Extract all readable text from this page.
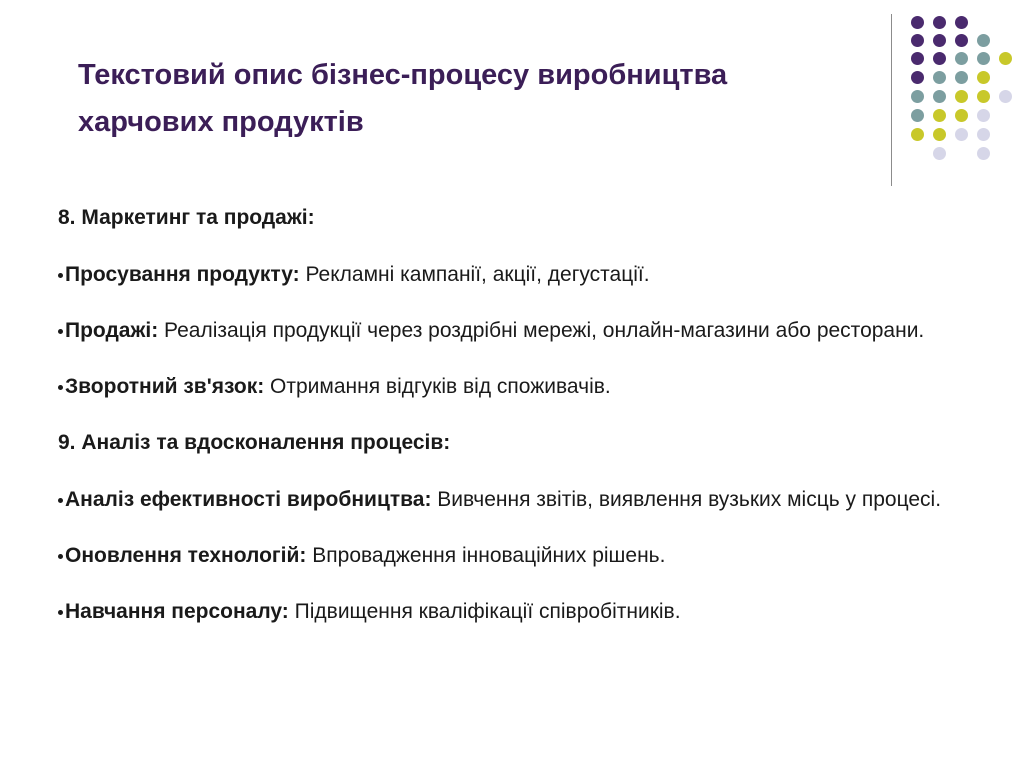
Текстовий опис бізнес-процесу виробництва
харчових продуктів
8. Маркетинг та продажі:
Просування продукту: Рекламні кампанії, акції, дегустації.
Продажі: Реалізація продукції через роздрібні мережі, онлайн-магазини або ресторани.
Зворотний зв'язок: Отримання відгуків від споживачів.
9. Аналіз та вдосконалення процесів:
Аналіз ефективності виробництва: Вивчення звітів, виявлення вузьких місць у процесі.
Оновлення технологій: Впровадження інноваційних рішень.
Навчання персоналу: Підвищення кваліфікації співробітників.
